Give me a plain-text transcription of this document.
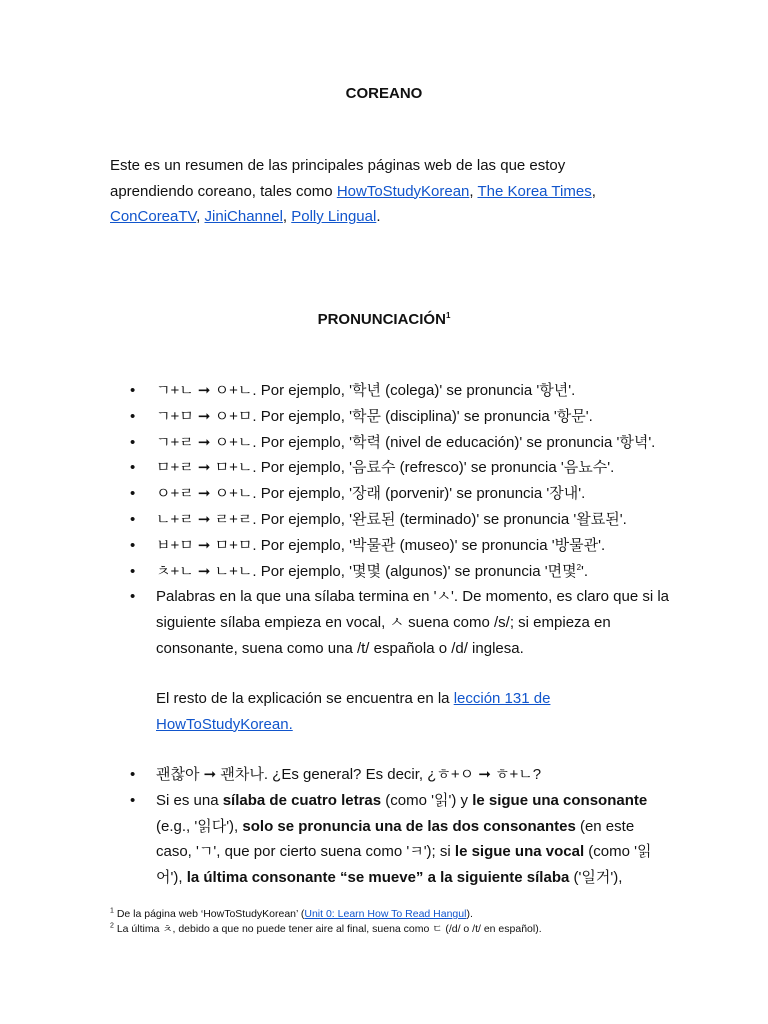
COREANO
Este es un resumen de las principales páginas web de las que estoy aprendiendo coreano, tales como HowToStudyKorean, The Korea Times, ConCoreaTV, JiniChannel, Polly Lingual.
PRONUNCIACIÓN$^1$
• ㄱ+ㄴ ➞ ㅇ+ㄴ. Por ejemplo, '학년 (colega)' se pronuncia '항년'.
• ㄱ+ㅁ ➞ ㅇ+ㅁ. Por ejemplo, '학문 (disciplina)' se pronuncia '항문'.
• ㄱ+ㄹ ➞ ㅇ+ㄴ. Por ejemplo, '학력 (nivel de educación)' se pronuncia '항녁'.
• ㅁ+ㄹ ➞ ㅁ+ㄴ. Por ejemplo, '음료수 (refresco)' se pronuncia '음뇨수'.
• ㅇ+ㄹ ➞ ㅇ+ㄴ. Por ejemplo, '장래 (porvenir)' se pronuncia '장내'.
• ㄴ+ㄹ ➞ ㄹ+ㄹ. Por ejemplo, '완료된 (terminado)' se pronuncia '왈료된'.
• ㅂ+ㅁ ➞ ㅁ+ㅁ. Por ejemplo, '박물관 (museo)' se pronuncia '방물관'.
• ㅊ+ㄴ ➞ ㄴ+ㄴ. Por ejemplo, '몇몇 (algunos)' se pronuncia '면몇$^2$'.
• Palabras en la que una sílaba termina en 'ㅅ'. De momento, es claro que si la siguiente sílaba empieza en vocal, ㅅ suena como /s/; si empieza en consonante, suena como una /t/ española o /d/ inglesa.
El resto de la explicación se encuentra en la lección 131 de HowToStudyKorean.
• 괜찮아 ➞ 괜차나. ¿Es general? Es decir, ¿ㅎ+ㅇ ➞ ㅎ+ㄴ?
• Si es una sílaba de cuatro letras (como '읽') y le sigue una consonante (e.g., '읽다'), solo se pronuncia una de las dos consonantes (en este caso, 'ㄱ', que por cierto suena como 'ㅋ'); si le sigue una vocal (como '읽어'), la última consonante “se mueve” a la siguiente sílaba ('일거'),
$^1$ De la página web ‘HowToStudyKorean’ (Unit 0: Learn How To Read Hangul).
$^2$ La última ㅊ, debido a que no puede tener aire al final, suena como ㄷ (/d/ o /t/ en español).
